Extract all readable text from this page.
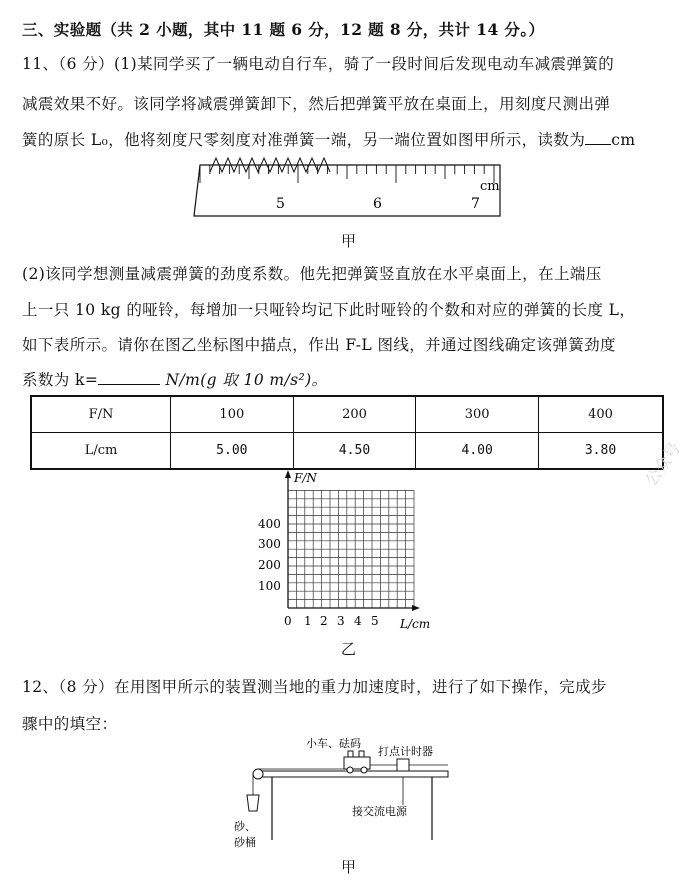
三、实验题（共 2 小题，其中 11 题 6 分，12 题 8 分，共计 14 分。）
11、（6 分）(1)某同学买了一辆电动自行车，骑了一段时间后发现电动车减震弹簧的
减震效果不好。该同学将减震弹簧卸下，然后把弹簧平放在桌面上，用刻度尺测出弹
簧的原长 L₀，他将刻度尺零刻度对准弹簧一端，另一端位置如图甲所示，读数为 cm
5	6	7
cm
甲
(2)该同学想测量减震弹簧的劲度系数。他先把弹簧竖直放在水平桌面上，在上端压
上一只 10 kg 的哑铃，每增加一只哑铃均记下此时哑铃的个数和对应的弹簧的长度 L，
如下表所示。请你在图乙坐标图中描点，作出 F-L 图线，并通过图线确定该弹簧劲度
系数为 k=	N/m(g 取 10 m/s²)。
F/N	100	200	300	400
L/cm	5.00	4.50	4.00	3.80
F/N
L/cm
400
300
200
100
0 1 2 3 4 5
乙
公众号
12、（8 分）在用图甲所示的装置测当地的重力加速度时，进行了如下操作，完成步
骤中的填空：
小车、砝码
打点计时器
接交流电源
砂、
砂桶
甲
